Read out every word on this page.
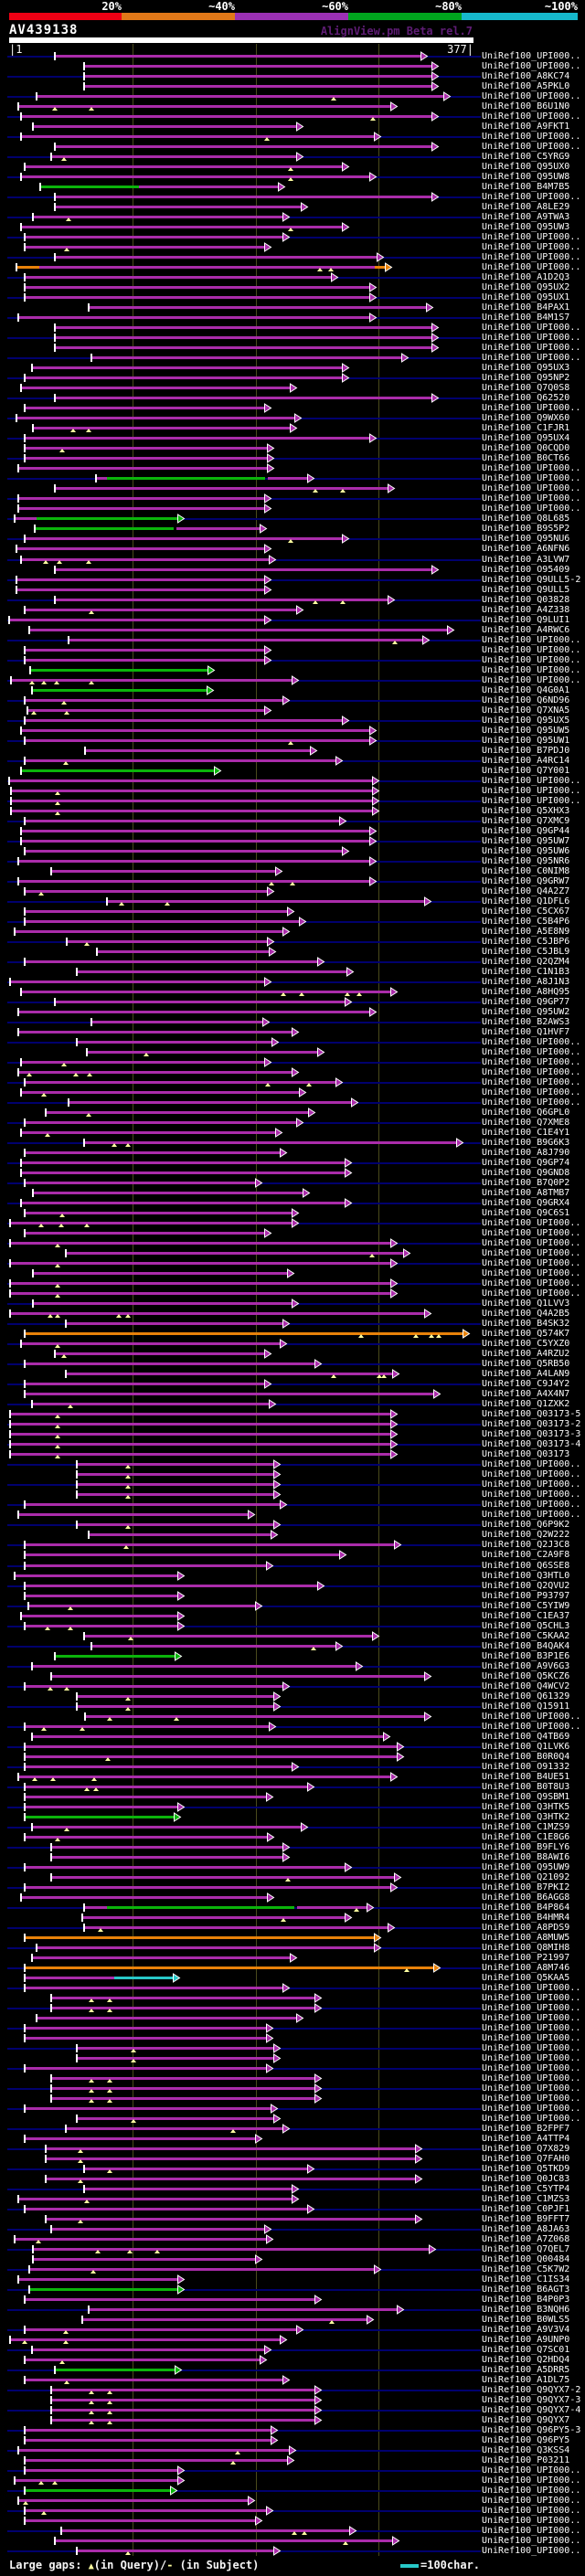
20%	~40%	~60%	~80%	~100%
AV439138	AlignView.pm Beta rel.7
|1	377|
UniRef100_UPI000..
UniRef100_UPI000..
UniRef100_A8KC74
UniRef100_A5PKL0
UniRef100_UPI000..
UniRef100_B6U1N0
UniRef100_UPI000..
UniRef100_A9FKT1
UniRef100_UPI000..
UniRef100_UPI000..
UniRef100_C5YRG9
UniRef100_Q95UX0
UniRef100_Q95UW8
UniRef100_B4M7B5
UniRef100_UPI000..
UniRef100_A8LE29
UniRef100_A9TWA3
UniRef100_Q95UW3
UniRef100_UPI000..
UniRef100_UPI000..
UniRef100_UPI000..
UniRef100_UPI000..
UniRef100_A1D2Q3
UniRef100_Q95UX2
UniRef100_Q95UX1
UniRef100_B4PAX1
UniRef100_B4M1S7
UniRef100_UPI000..
UniRef100_UPI000..
UniRef100_UPI000..
UniRef100_UPI000..
UniRef100_Q95UX3
UniRef100_Q95NP2
UniRef100_Q7Q0S8
UniRef100_Q62520
UniRef100_UPI000..
UniRef100_Q9WX60
UniRef100_C1FJR1
UniRef100_Q95UX4
UniRef100_Q0CQD0
UniRef100_B0CT66
UniRef100_UPI000..
UniRef100_UPI000..
UniRef100_UPI000..
UniRef100_UPI000..
UniRef100_UPI000..
UniRef100_Q8L685
UniRef100_B9S5P2
UniRef100_Q95NU6
UniRef100_A6NFN6
UniRef100_A3LVW7
UniRef100_O95409
UniRef100_Q9ULL5-2
UniRef100_Q9ULL5
UniRef100_Q03828
UniRef100_A4Z338
UniRef100_Q9LUI1
UniRef100_A4RWC6
UniRef100_UPI000..
UniRef100_UPI000..
UniRef100_UPI000..
UniRef100_UPI000..
UniRef100_UPI000..
UniRef100_Q4G0A1
UniRef100_Q6ND96
UniRef100_Q7XNA5
UniRef100_Q95UX5
UniRef100_Q95UW5
UniRef100_Q95UW1
UniRef100_B7PDJ0
UniRef100_A4RC14
UniRef100_Q7Y001
UniRef100_UPI000..
UniRef100_UPI000..
UniRef100_UPI000..
UniRef100_Q5XHX3
UniRef100_Q7XMC9
UniRef100_Q9GP44
UniRef100_Q95UW7
UniRef100_Q95UW6
UniRef100_Q95NR6
UniRef100_C0NIM8
UniRef100_Q9GRW7
UniRef100_Q4A2Z7
UniRef100_Q1DFL6
UniRef100_C5CX67
UniRef100_C5B4P6
UniRef100_A5E8N9
UniRef100_C5JBP6
UniRef100_C5JBL9
UniRef100_Q2QZM4
UniRef100_C1N1B3
UniRef100_A8J1N3
UniRef100_A8HQ95
UniRef100_Q9GP77
UniRef100_Q95UW2
UniRef100_B2AWS3
UniRef100_Q1HVF7
UniRef100_UPI000..
UniRef100_UPI000..
UniRef100_UPI000..
UniRef100_UPI000..
UniRef100_UPI000..
UniRef100_UPI000..
UniRef100_UPI000..
UniRef100_Q6GPL0
UniRef100_Q7XME8
UniRef100_C1E4Y1
UniRef100_B9G6K3
UniRef100_A8J790
UniRef100_Q9GP74
UniRef100_Q9GND8
UniRef100_B7Q0P2
UniRef100_A8TMB7
UniRef100_Q9GRX4
UniRef100_Q9C6S1
UniRef100_UPI000..
UniRef100_UPI000..
UniRef100_UPI000..
UniRef100_UPI000..
UniRef100_UPI000..
UniRef100_UPI000..
UniRef100_UPI000..
UniRef100_UPI000..
UniRef100_Q1LVV3
UniRef100_Q4A2B5
UniRef100_B4SK32
UniRef100_Q574K7
UniRef100_C5YXZ0
UniRef100_A4RZU2
UniRef100_Q5RB50
UniRef100_A4LAN9
UniRef100_C9J4Y2
UniRef100_A4X4N7
UniRef100_Q1ZXK2
UniRef100_Q03173-5
UniRef100_Q03173-2
UniRef100_Q03173-3
UniRef100_Q03173-4
UniRef100_Q03173
UniRef100_UPI000..
UniRef100_UPI000..
UniRef100_UPI000..
UniRef100_UPI000..
UniRef100_UPI000..
UniRef100_UPI000..
UniRef100_Q6P9K2
UniRef100_Q2W222
UniRef100_Q2J3C8
UniRef100_C2A9F8
UniRef100_Q6SSE8
UniRef100_Q3HTL0
UniRef100_Q2QVU2
UniRef100_P93797
UniRef100_C5YIW9
UniRef100_C1EA37
UniRef100_Q5CHL3
UniRef100_C5KAA2
UniRef100_B4QAK4
UniRef100_B3P1E6
UniRef100_A9V6G3
UniRef100_Q5KCZ6
UniRef100_Q4WCV2
UniRef100_Q61329
UniRef100_Q15911
UniRef100_UPI000..
UniRef100_UPI000..
UniRef100_Q4TB69
UniRef100_Q1LVK6
UniRef100_B0R0Q4
UniRef100_O91332
UniRef100_B4UE51
UniRef100_B0T8U3
UniRef100_Q9SBM1
UniRef100_Q3HTK5
UniRef100_Q3HTK2
UniRef100_C1MZS9
UniRef100_C1E8G6
UniRef100_B9FLY6
UniRef100_B8AWI6
UniRef100_Q95UW9
UniRef100_Q21092
UniRef100_B7PKI2
UniRef100_B6AGG8
UniRef100_B4P864
UniRef100_B4HMR4
UniRef100_A8PDS9
UniRef100_A8MUW5
UniRef100_Q8MIH8
UniRef100_P21997
UniRef100_A8M746
UniRef100_Q5KAA5
UniRef100_UPI000..
UniRef100_UPI000..
UniRef100_UPI000..
UniRef100_UPI000..
UniRef100_UPI000..
UniRef100_UPI000..
UniRef100_UPI000..
UniRef100_UPI000..
UniRef100_UPI000..
UniRef100_UPI000..
UniRef100_UPI000..
UniRef100_UPI000..
UniRef100_UPI000..
UniRef100_UPI000..
UniRef100_B2FPF7
UniRef100_A4TTP4
UniRef100_Q7X829
UniRef100_Q7FAH0
UniRef100_Q5TKD9
UniRef100_Q0JC83
UniRef100_C5YTP4
UniRef100_C1MZS3
UniRef100_C0PJF1
UniRef100_B9FFT7
UniRef100_A8JA63
UniRef100_A7Z068
UniRef100_Q7QEL7
UniRef100_Q00484
UniRef100_C5K7W2
UniRef100_C1IS34
UniRef100_B6AGT3
UniRef100_B4P0P3
UniRef100_B3NQH6
UniRef100_B0WLS5
UniRef100_A9V3V4
UniRef100_A9UNP0
UniRef100_Q7SC01
UniRef100_Q2HDQ4
UniRef100_A5DRR5
UniRef100_A1DL75
UniRef100_Q9QYX7-2
UniRef100_Q9QYX7-3
UniRef100_Q9QYX7-4
UniRef100_Q9QYX7
UniRef100_Q96PY5-3
UniRef100_Q96PY5
UniRef100_Q3KSS4
UniRef100_P03211
UniRef100_UPI000..
UniRef100_UPI000..
UniRef100_UPI000..
UniRef100_UPI000..
UniRef100_UPI000..
UniRef100_UPI000..
UniRef100_UPI000..
UniRef100_UPI000..
UniRef100_UPI000..
Large gaps: ▲(in Query)/- (in Subject)	=100char.
